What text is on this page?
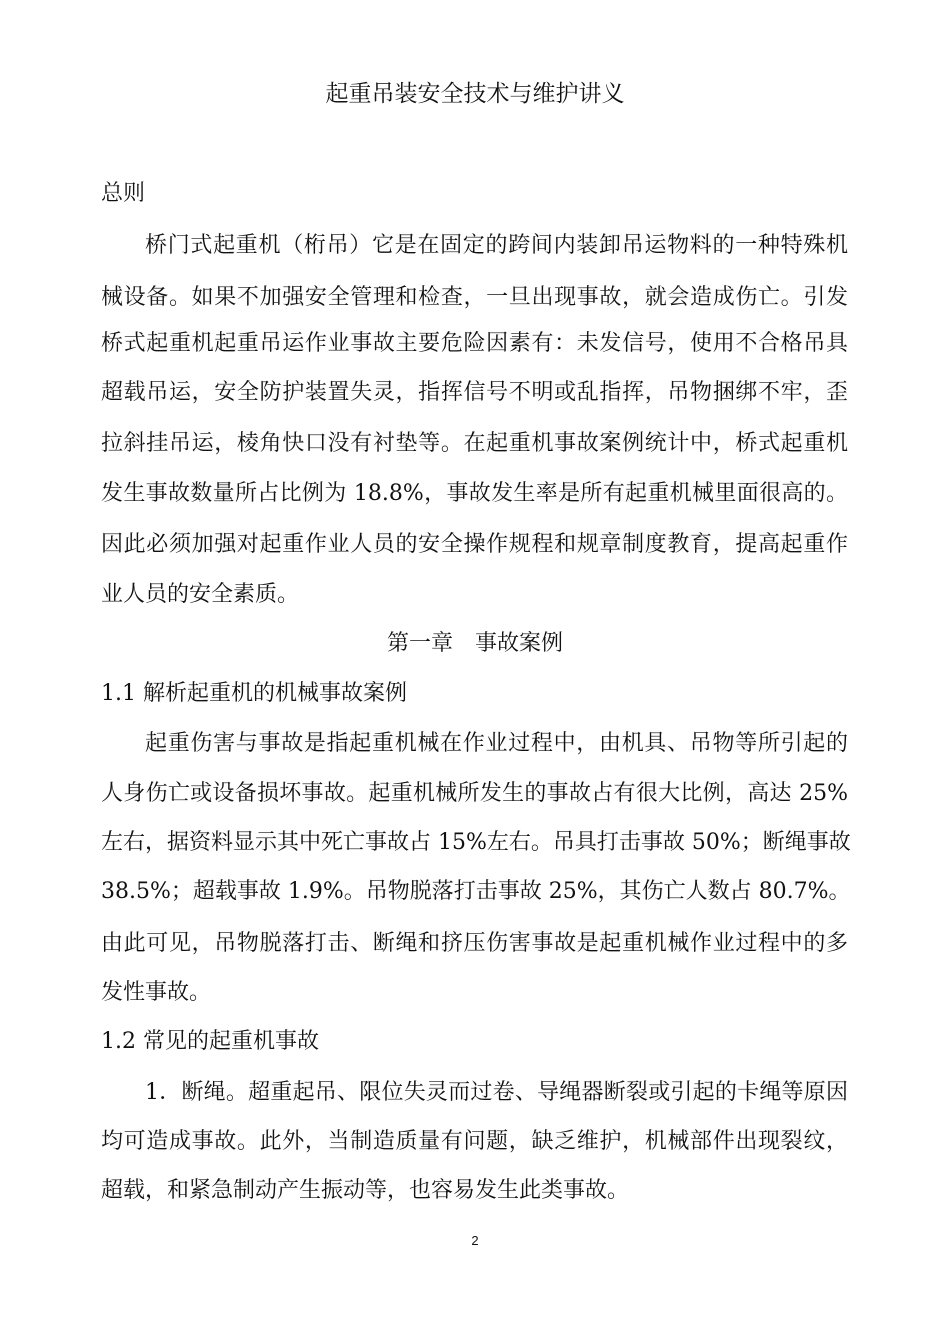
起重吊装安全技术与维护讲义
总则
桥门式起重机（桁吊）它是在固定的跨间内装卸吊运物料的一种特殊机
械设备。如果不加强安全管理和检查，一旦出现事故，就会造成伤亡。引发
桥式起重机起重吊运作业事故主要危险因素有：未发信号，使用不合格吊具
超载吊运，安全防护装置失灵，指挥信号不明或乱指挥，吊物捆绑不牢，歪
拉斜挂吊运，棱角快口没有衬垫等。在起重机事故案例统计中，桥式起重机
发生事故数量所占比例为 18.8%，事故发生率是所有起重机械里面很高的。
因此必须加强对起重作业人员的安全操作规程和规章制度教育，提高起重作
业人员的安全素质。
第一章　事故案例
1.1 解析起重机的机械事故案例
起重伤害与事故是指起重机械在作业过程中，由机具、吊物等所引起的
人身伤亡或设备损坏事故。起重机械所发生的事故占有很大比例，高达 25%
左右，据资料显示其中死亡事故占 15%左右。吊具打击事故 50%；断绳事故
38.5%；超载事故 1.9%。吊物脱落打击事故 25%，其伤亡人数占 80.7%。
由此可见，吊物脱落打击、断绳和挤压伤害事故是起重机械作业过程中的多
发性事故。
1.2 常见的起重机事故
1．断绳。超重起吊、限位失灵而过卷、导绳器断裂或引起的卡绳等原因
均可造成事故。此外，当制造质量有问题，缺乏维护，机械部件出现裂纹，
超载，和紧急制动产生振动等，也容易发生此类事故。
2
